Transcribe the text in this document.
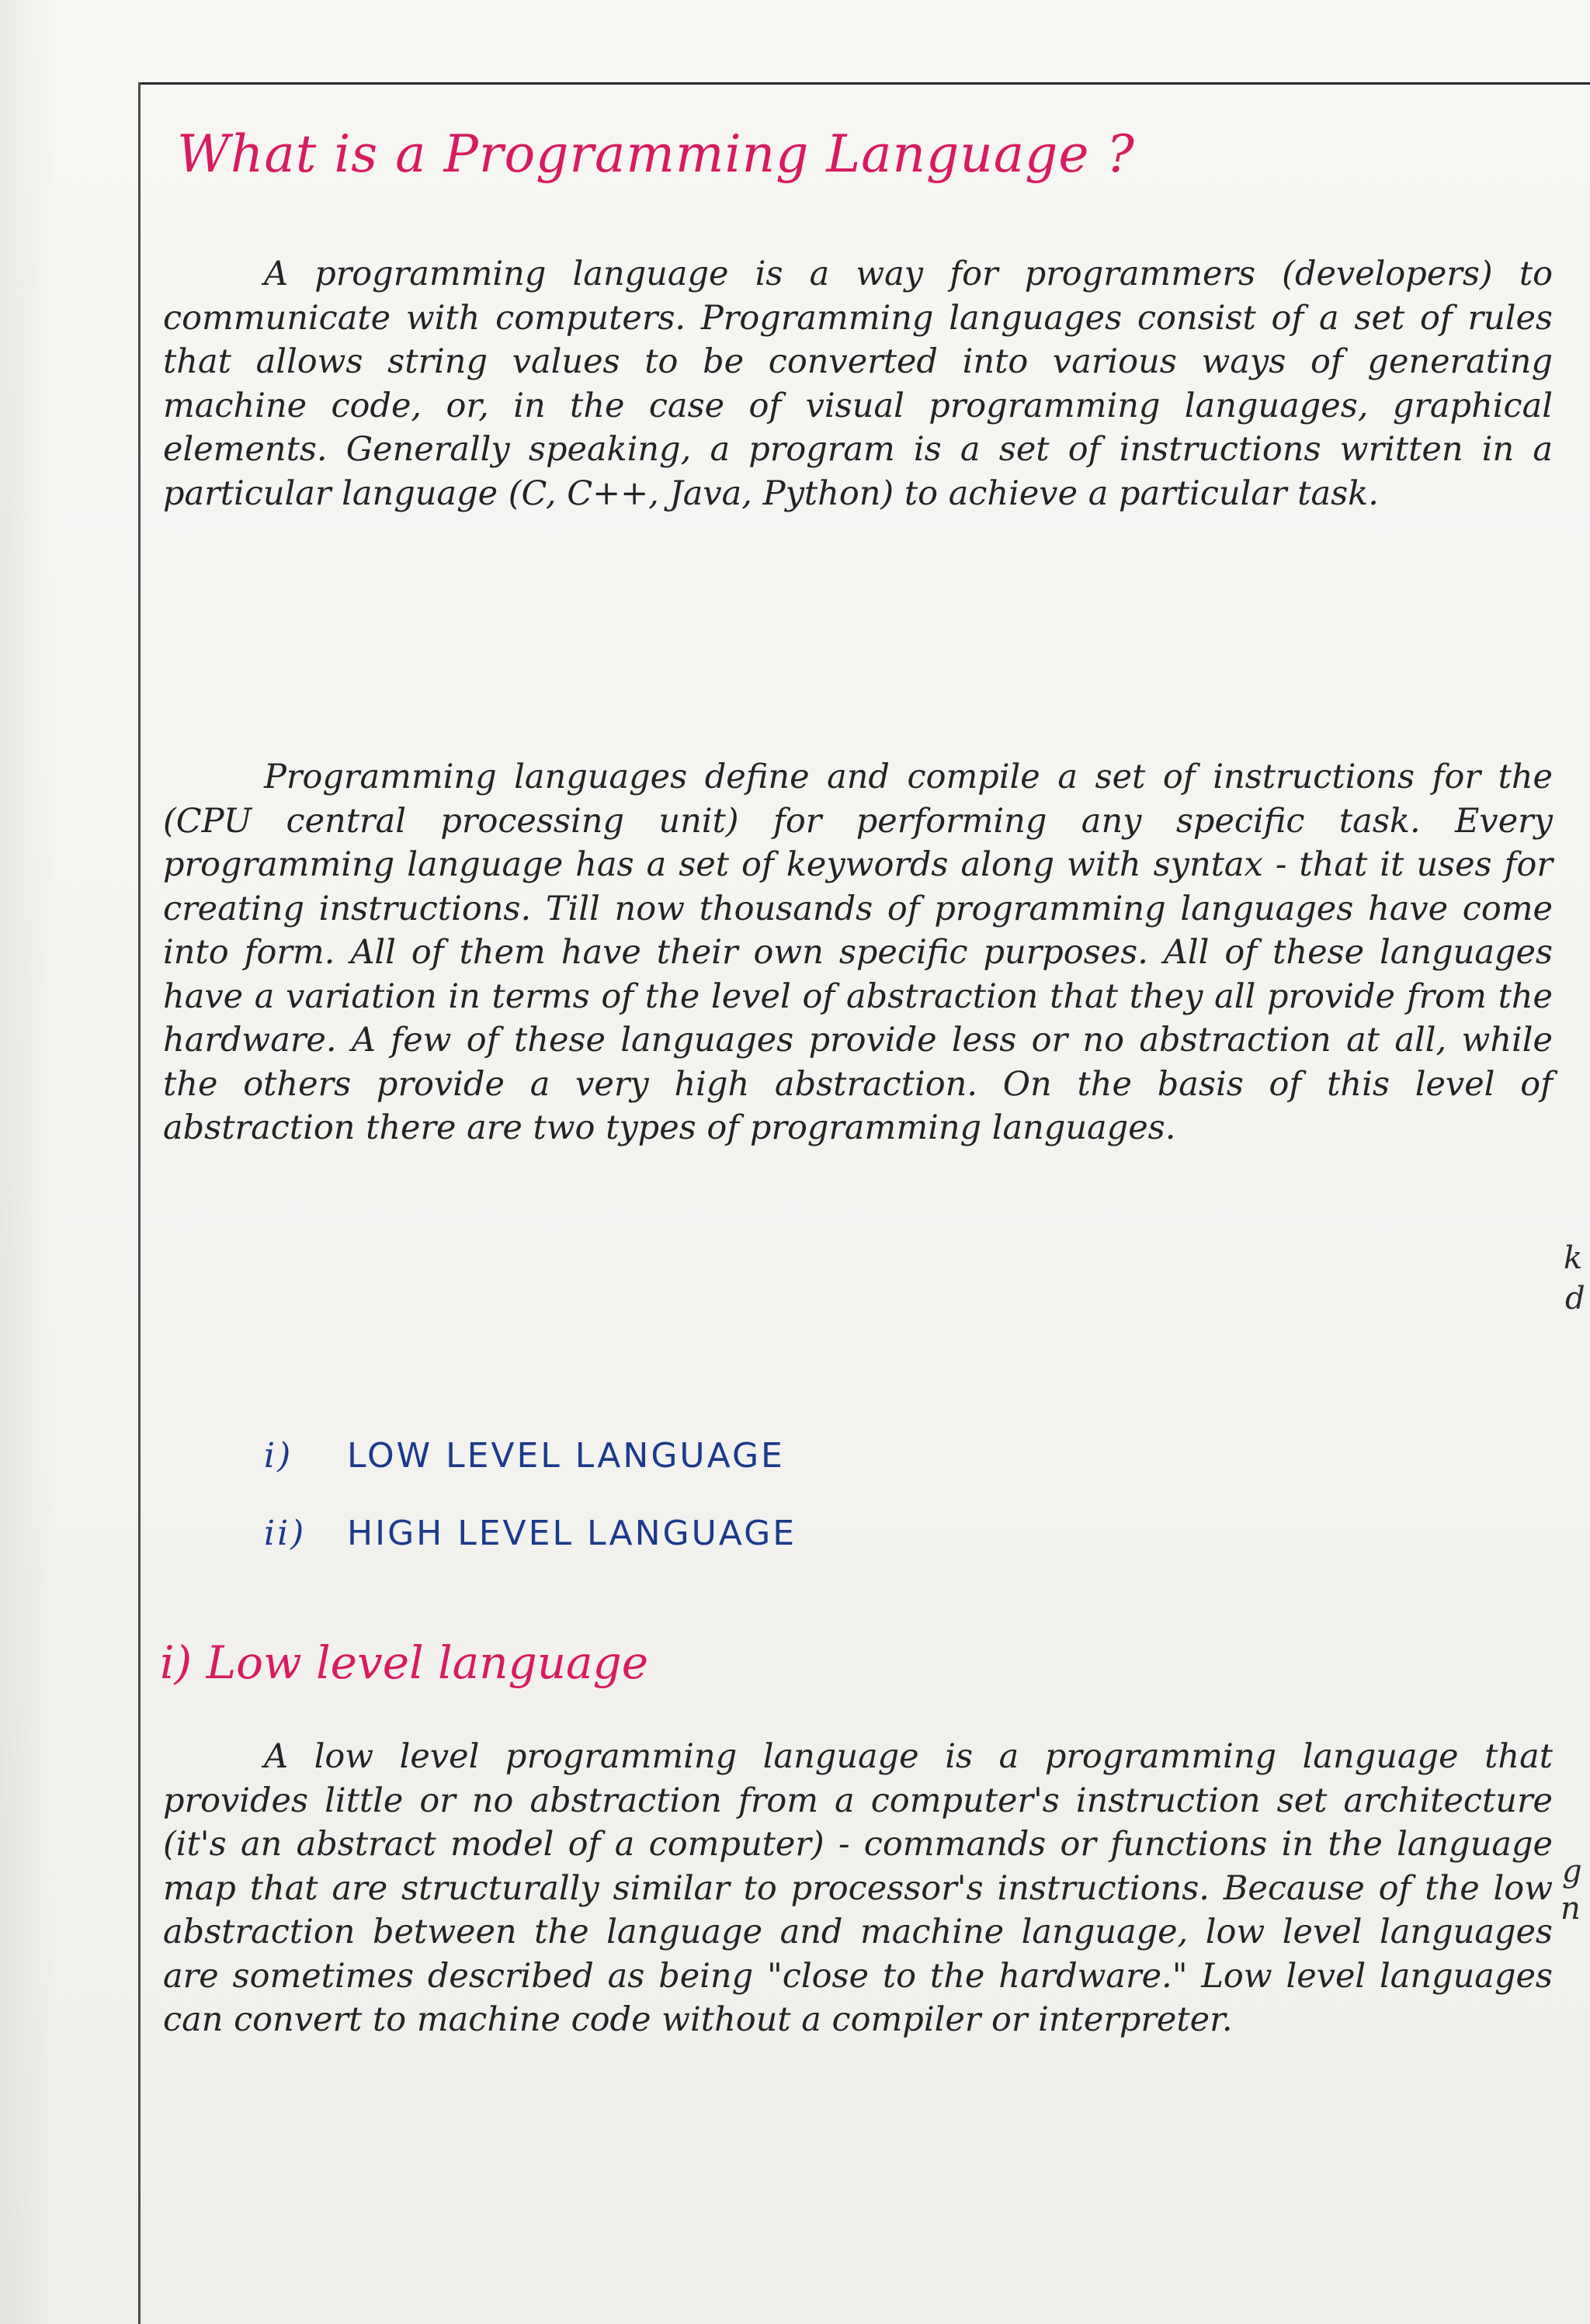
What is a Programming Language ?

A programming language is a way for programmers (developers) to communicate with computers. Programming languages consist of a set of rules that allows string values to be converted into various ways of generating machine code, or, in the case of visual programming languages, graphical elements. Generally speaking, a program is a set of instructions written in a particular language (C, C++, Java, Python) to achieve a particular task.

Programming languages define and compile a set of instructions for the (CPU central processing unit) for performing any specific task. Every programming language has a set of keywords along with syntax - that it uses for creating instructions. Till now thousands of programming languages have come into form. All of them have their own specific purposes. All of these languages have a variation in terms of the level of abstraction that they all provide from the hardware. A few of these languages provide less or no abstraction at all, while the others provide a very high abstraction. On the basis of this level of abstraction there are two types of programming languages.

i) LOW LEVEL LANGUAGE
ii) HIGH LEVEL LANGUAGE
i) Low level language

A low level programming language is a programming language that provides little or no abstraction from a computer's instruction set architecture (it's an abstract model of a computer) - commands or functions in the language map that are structurally similar to processor's instructions. Because of the low abstraction between the language and machine language, low level languages are sometimes described as being "close to the hardware." Low level languages can convert to machine code without a compiler or interpreter.

k
d
g
n
